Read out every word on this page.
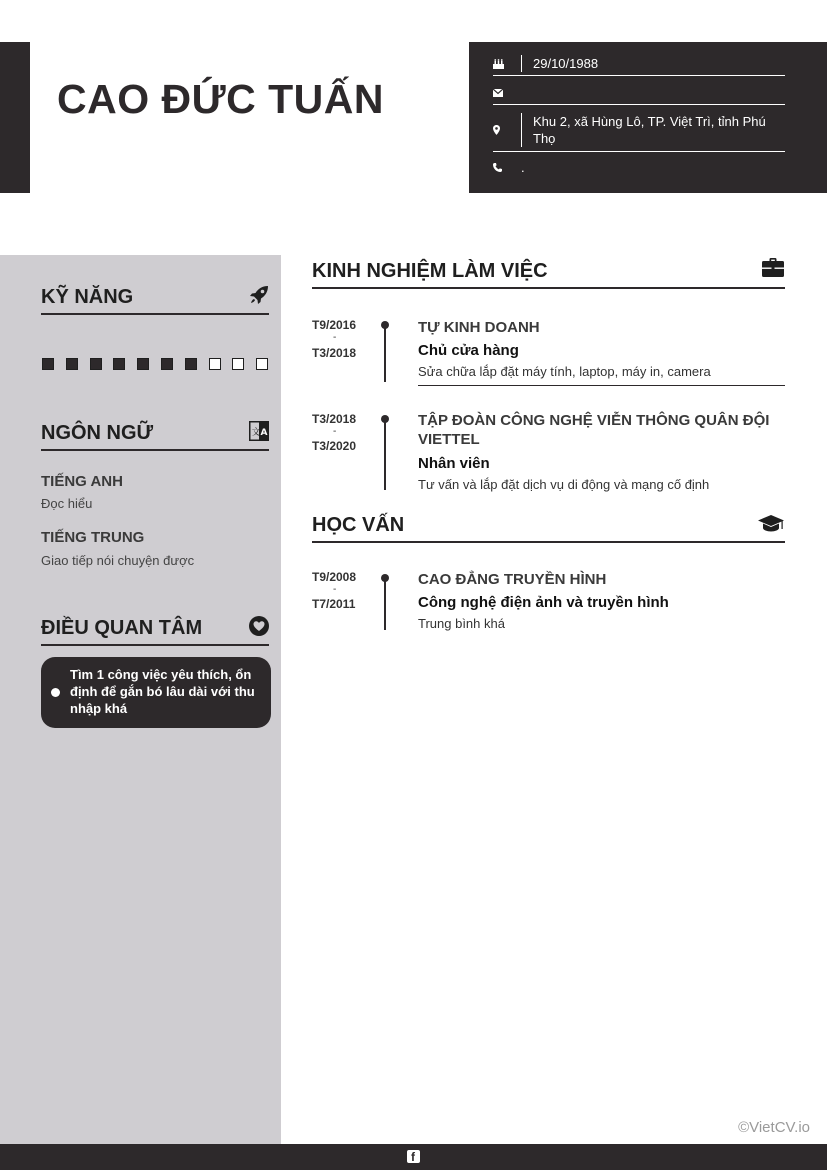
CAO ĐỨC TUẤN
29/10/1988
Khu 2, xã Hùng Lô, TP. Việt Trì, tỉnh Phú Thọ
.
KỸ NĂNG
NGÔN NGỮ	文 A
TIẾNG ANH
Đọc hiểu
TIẾNG TRUNG
Giao tiếp nói chuyện được
ĐIỀU QUAN TÂM
Tìm 1 công việc yêu thích, ổn định để gắn bó lâu dài với thu nhập khá
KINH NGHIỆM LÀM VIỆC
T9/2016
-
T3/2018
TỰ KINH DOANH
Chủ cửa hàng
Sửa chữa lắp đặt máy tính, laptop, máy in, camera
T3/2018
-
T3/2020
TẬP ĐOÀN CÔNG NGHỆ VIỄN THÔNG QUÂN ĐỘI VIETTEL
Nhân viên
Tư vấn và lắp đặt dịch vụ di động và mạng cố định
HỌC VẤN
T9/2008
-
T7/2011
CAO ĐẲNG TRUYỀN HÌNH
Công nghệ điện ảnh và truyền hình
Trung bình khá
©VietCV.io
f
